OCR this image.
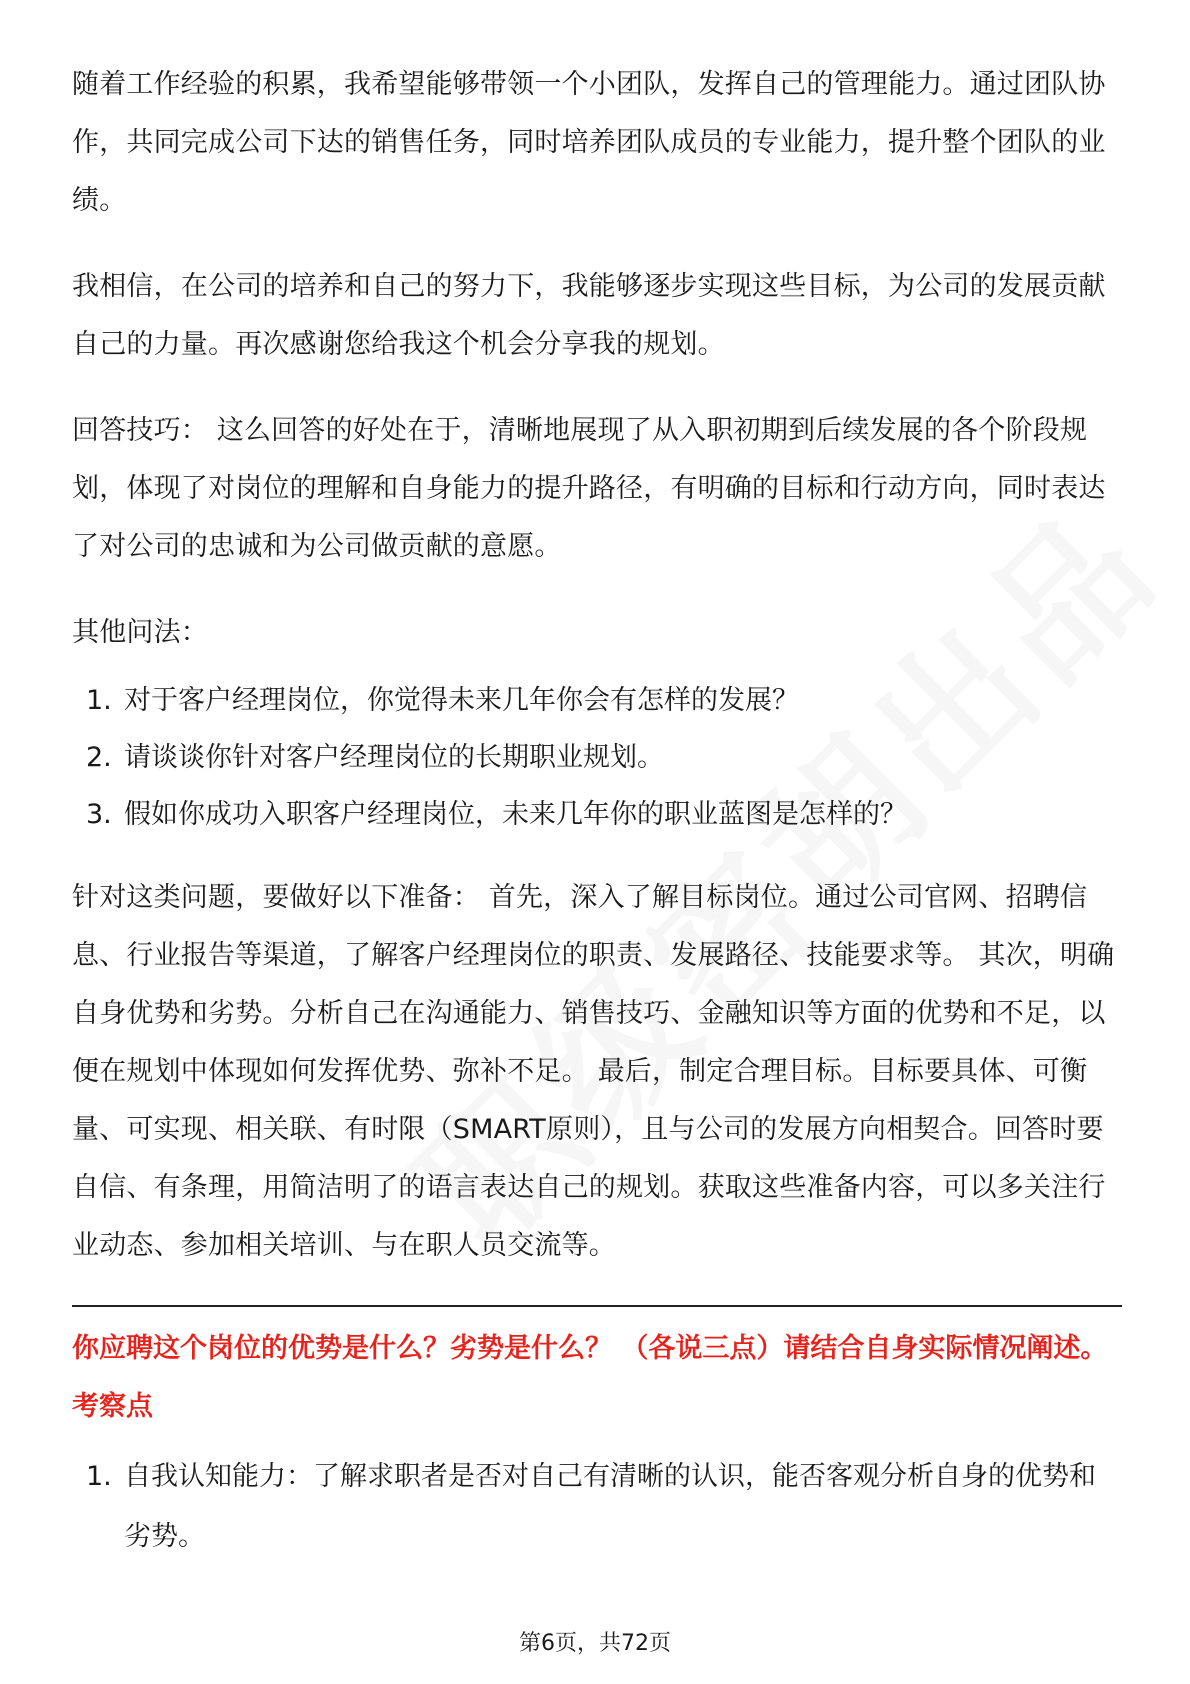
随着工作经验的积累，我希望能够带领一个小团队，发挥自己的管理能力。通过团队协作，共同完成公司下达的销售任务，同时培养团队成员的专业能力，提升整个团队的业绩。

我相信，在公司的培养和自己的努力下，我能够逐步实现这些目标，为公司的发展贡献自己的力量。再次感谢您给我这个机会分享我的规划。

回答技巧： 这么回答的好处在于，清晰地展现了从入职初期到后续发展的各个阶段规划，体现了对岗位的理解和自身能力的提升路径，有明确的目标和行动方向，同时表达了对公司的忠诚和为公司做贡献的意愿。

其他问法：

1. 对于客户经理岗位，你觉得未来几年你会有怎样的发展？
2. 请谈谈你针对客户经理岗位的长期职业规划。
3. 假如你成功入职客户经理岗位，未来几年你的职业蓝图是怎样的？

针对这类问题，要做好以下准备： 首先，深入了解目标岗位。通过公司官网、招聘信息、行业报告等渠道，了解客户经理岗位的职责、发展路径、技能要求等。 其次，明确自身优势和劣势。分析自己在沟通能力、销售技巧、金融知识等方面的优势和不足，以便在规划中体现如何发挥优势、弥补不足。 最后，制定合理目标。目标要具体、可衡量、可实现、相关联、有时限（SMART原则），且与公司的发展方向相契合。回答时要自信、有条理，用简洁明了的语言表达自己的规划。获取这些准备内容，可以多关注行业动态、参加相关培训、与在职人员交流等。

你应聘这个岗位的优势是什么？劣势是什么？ （各说三点）请结合自身实际情况阐述。
考察点
1. 自我认知能力：了解求职者是否对自己有清晰的认识，能否客观分析自身的优势和劣势。
第6页，共72页
